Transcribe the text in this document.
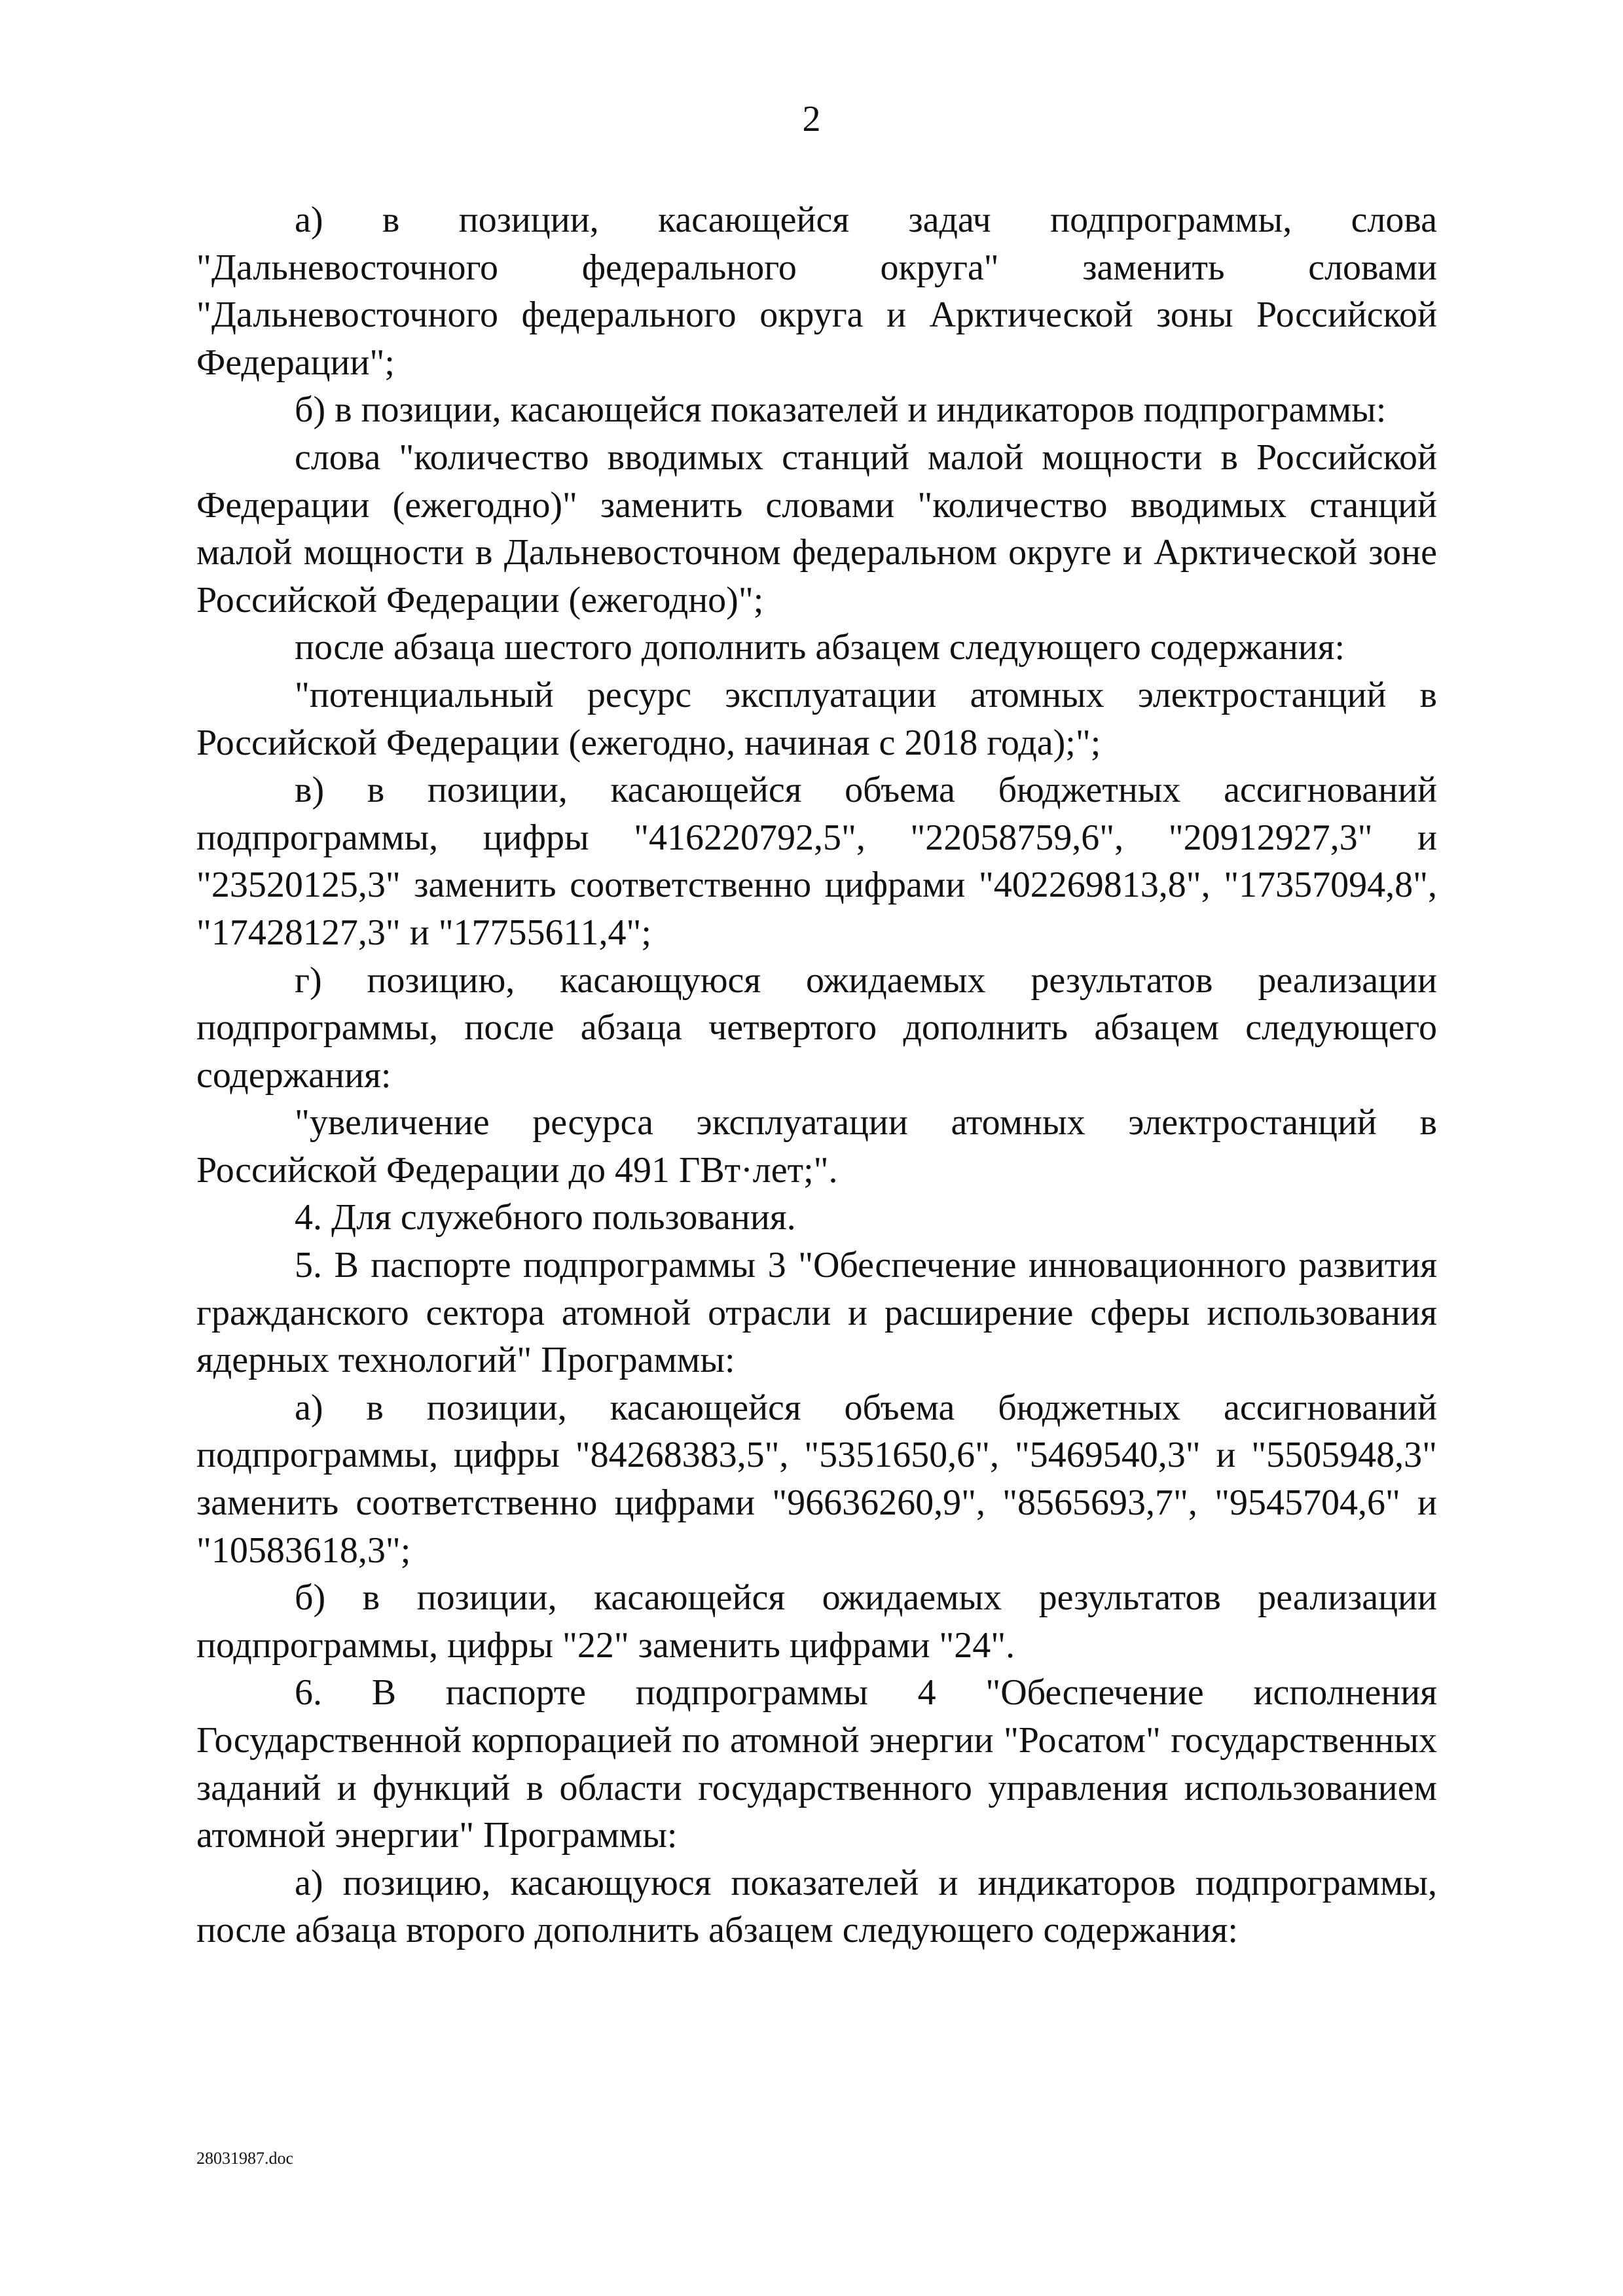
2

а) в позиции, касающейся задач подпрограммы, слова "Дальневосточного федерального округа" заменить словами "Дальневосточного федерального округа и Арктической зоны Российской Федерации";

б) в позиции, касающейся показателей и индикаторов подпрограммы:

слова "количество вводимых станций малой мощности в Российской Федерации (ежегодно)" заменить словами "количество вводимых станций малой мощности в Дальневосточном федеральном округе и Арктической зоне Российской Федерации (ежегодно)";

после абзаца шестого дополнить абзацем следующего содержания:

"потенциальный ресурс эксплуатации атомных электростанций в Российской Федерации (ежегодно, начиная с 2018 года);";

в) в позиции, касающейся объема бюджетных ассигнований подпрограммы, цифры "416220792,5", "22058759,6", "20912927,3" и "23520125,3" заменить соответственно цифрами "402269813,8", "17357094,8", "17428127,3" и "17755611,4";

г) позицию, касающуюся ожидаемых результатов реализации подпрограммы, после абзаца четвертого дополнить абзацем следующего содержания:

"увеличение ресурса эксплуатации атомных электростанций в Российской Федерации до 491 ГВт·лет;".

4. Для служебного пользования.

5. В паспорте подпрограммы 3 "Обеспечение инновационного развития гражданского сектора атомной отрасли и расширение сферы использования ядерных технологий" Программы:

а) в позиции, касающейся объема бюджетных ассигнований подпрограммы, цифры "84268383,5", "5351650,6", "5469540,3" и "5505948,3" заменить соответственно цифрами "96636260,9", "8565693,7", "9545704,6" и "10583618,3";

б) в позиции, касающейся ожидаемых результатов реализации подпрограммы, цифры "22" заменить цифрами "24".

6. В паспорте подпрограммы 4 "Обеспечение исполнения Государственной корпорацией по атомной энергии "Росатом" государственных заданий и функций в области государственного управления использованием атомной энергии" Программы:

а) позицию, касающуюся показателей и индикаторов подпрограммы, после абзаца второго дополнить абзацем следующего содержания:

28031987.doc
